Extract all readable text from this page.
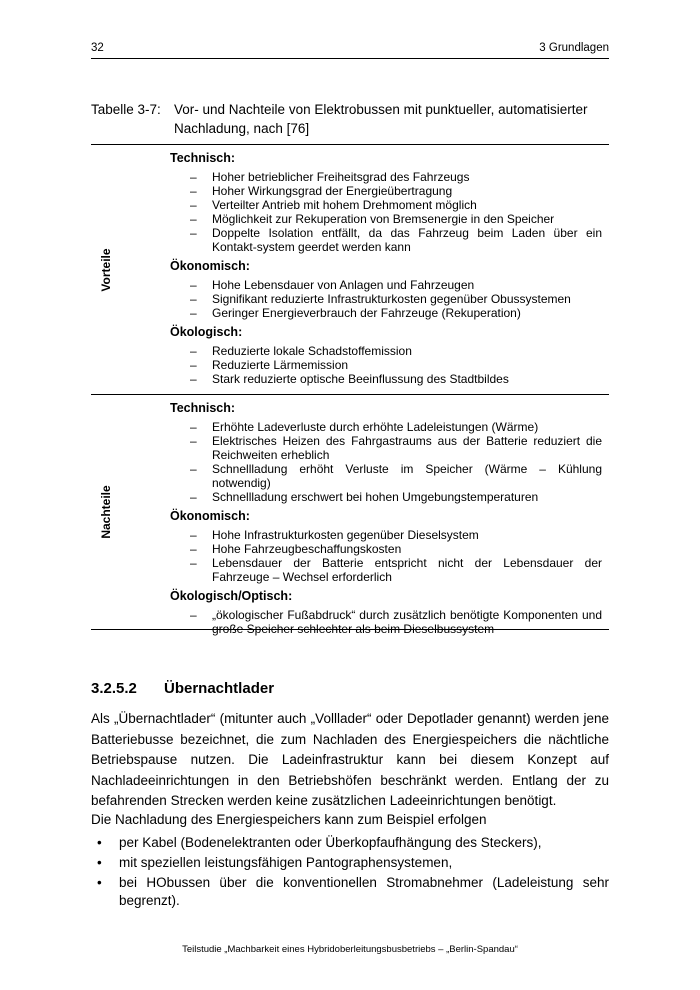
32	3 Grundlagen
Tabelle 3-7: Vor- und Nachteile von Elektrobussen mit punktueller, automatisierter Nachladung, nach [76]
Vorteile
Technisch:
– Hoher betrieblicher Freiheitsgrad des Fahrzeugs
– Hoher Wirkungsgrad der Energieübertragung
– Verteilter Antrieb mit hohem Drehmoment möglich
– Möglichkeit zur Rekuperation von Bremsenergie in den Speicher
– Doppelte Isolation entfällt, da das Fahrzeug beim Laden über ein Kontakt-system geerdet werden kann
Ökonomisch:
– Hohe Lebensdauer von Anlagen und Fahrzeugen
– Signifikant reduzierte Infrastrukturkosten gegenüber Obussystemen
– Geringer Energieverbrauch der Fahrzeuge (Rekuperation)
Ökologisch:
– Reduzierte lokale Schadstoffemission
– Reduzierte Lärmemission
– Stark reduzierte optische Beeinflussung des Stadtbildes
Nachteile
Technisch:
– Erhöhte Ladeverluste durch erhöhte Ladeleistungen (Wärme)
– Elektrisches Heizen des Fahrgastraums aus der Batterie reduziert die Reichweiten erheblich
– Schnellladung erhöht Verluste im Speicher (Wärme – Kühlung notwendig)
– Schnellladung erschwert bei hohen Umgebungstemperaturen
Ökonomisch:
– Hohe Infrastrukturkosten gegenüber Dieselsystem
– Hohe Fahrzeugbeschaffungskosten
– Lebensdauer der Batterie entspricht nicht der Lebensdauer der Fahrzeuge – Wechsel erforderlich
Ökologisch/Optisch:
– „ökologischer Fußabdruck“ durch zusätzlich benötigte Komponenten und große Speicher schlechter als beim Dieselbussystem
3.2.5.2 Übernachtlader
Als „Übernachtlader“ (mitunter auch „Volllader“ oder Depotlader genannt) werden jene Batteriebusse bezeichnet, die zum Nachladen des Energiespeichers die nächtliche Betriebspause nutzen. Die Ladeinfrastruktur kann bei diesem Konzept auf Nachladeeinrichtungen in den Betriebshöfen beschränkt werden. Entlang der zu befahrenden Strecken werden keine zusätzlichen Ladeeinrichtungen benötigt.
Die Nachladung des Energiespeichers kann zum Beispiel erfolgen
• per Kabel (Bodenelektranten oder Überkopfaufhängung des Steckers),
• mit speziellen leistungsfähigen Pantographensystemen,
• bei HObussen über die konventionellen Stromabnehmer (Ladeleistung sehr begrenzt).
Teilstudie „Machbarkeit eines Hybridoberleitungsbusbetriebs – „Berlin-Spandau“
